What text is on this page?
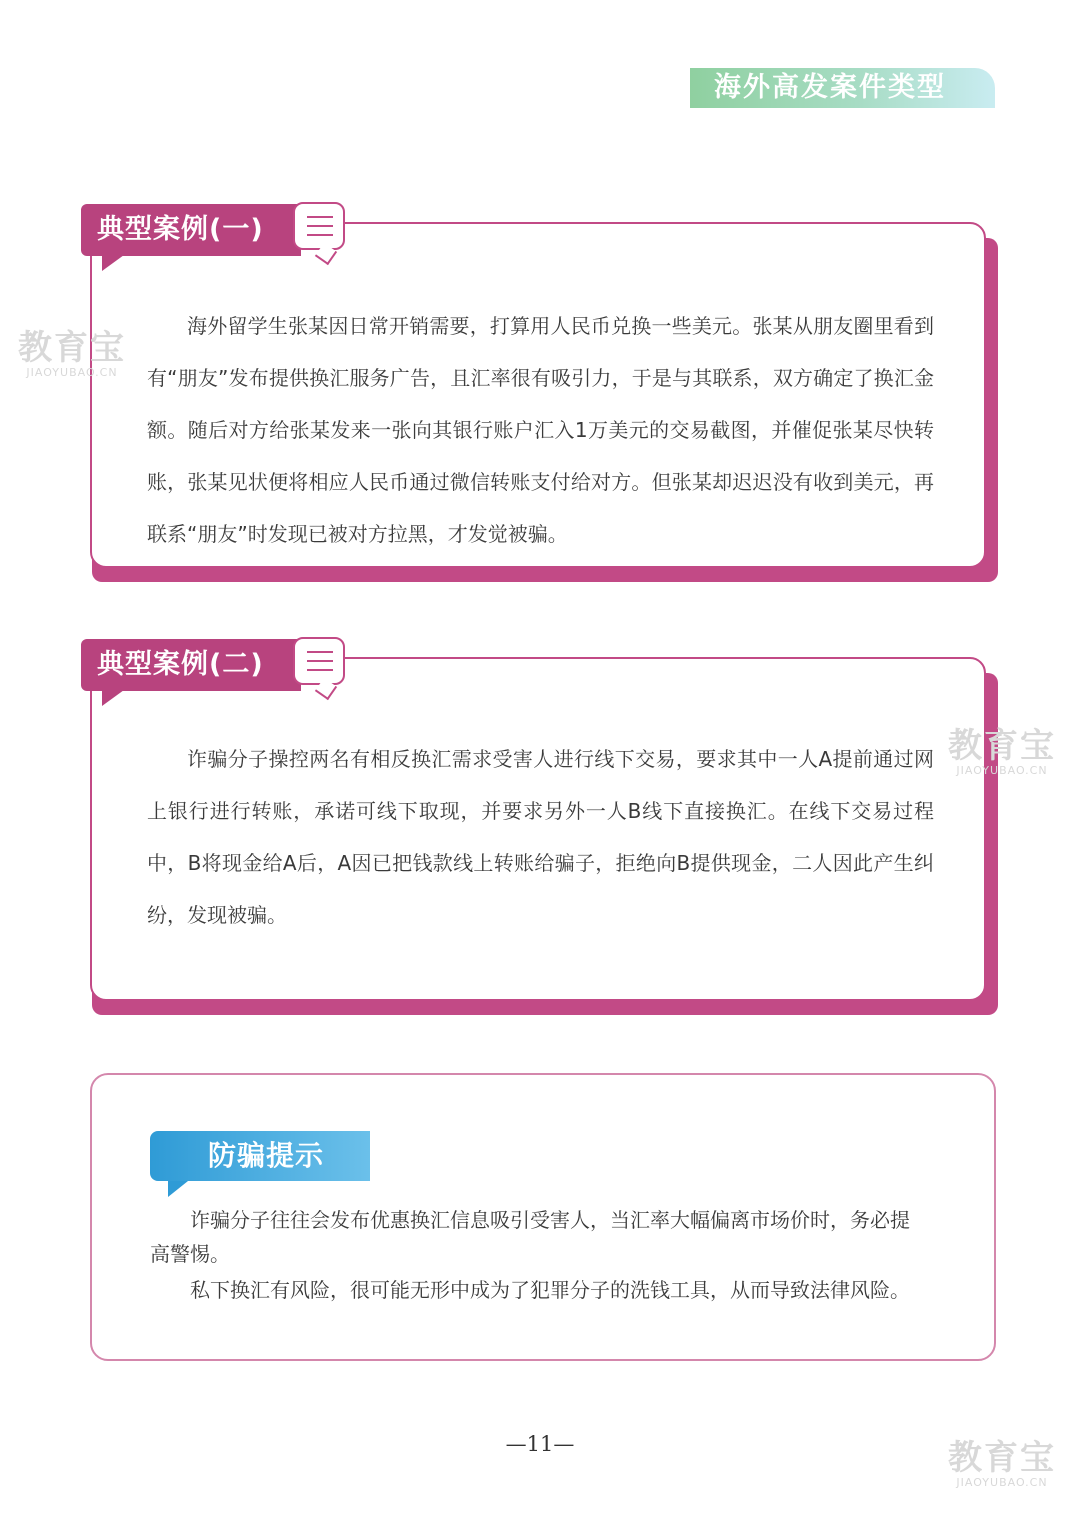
海外高发案件类型
海外留学生张某因日常开销需要，打算用人民币兑换一些美元。张某从朋友圈里看到有“朋友”发布提供换汇服务广告，且汇率很有吸引力，于是与其联系，双方确定了换汇金额。随后对方给张某发来一张向其银行账户汇入1万美元的交易截图，并催促张某尽快转账，张某见状便将相应人民币通过微信转账支付给对方。但张某却迟迟没有收到美元，再联系“朋友”时发现已被对方拉黑，才发觉被骗。
典型案例(一)
诈骗分子操控两名有相反换汇需求受害人进行线下交易，要求其中一人A提前通过网上银行进行转账，承诺可线下取现，并要求另外一人B线下直接换汇。在线下交易过程中，B将现金给A后，A因已把钱款线上转账给骗子，拒绝向B提供现金，二人因此产生纠纷，发现被骗。
典型案例(二)
防骗提示
诈骗分子往往会发布优惠换汇信息吸引受害人，当汇率大幅偏离市场价时，务必提高警惕。
私下换汇有风险，很可能无形中成为了犯罪分子的洗钱工具，从而导致法律风险。
—11—
教育宝
JIAOYUBAO.CN
教育宝
JIAOYUBAO.CN
教育宝
JIAOYUBAO.CN
